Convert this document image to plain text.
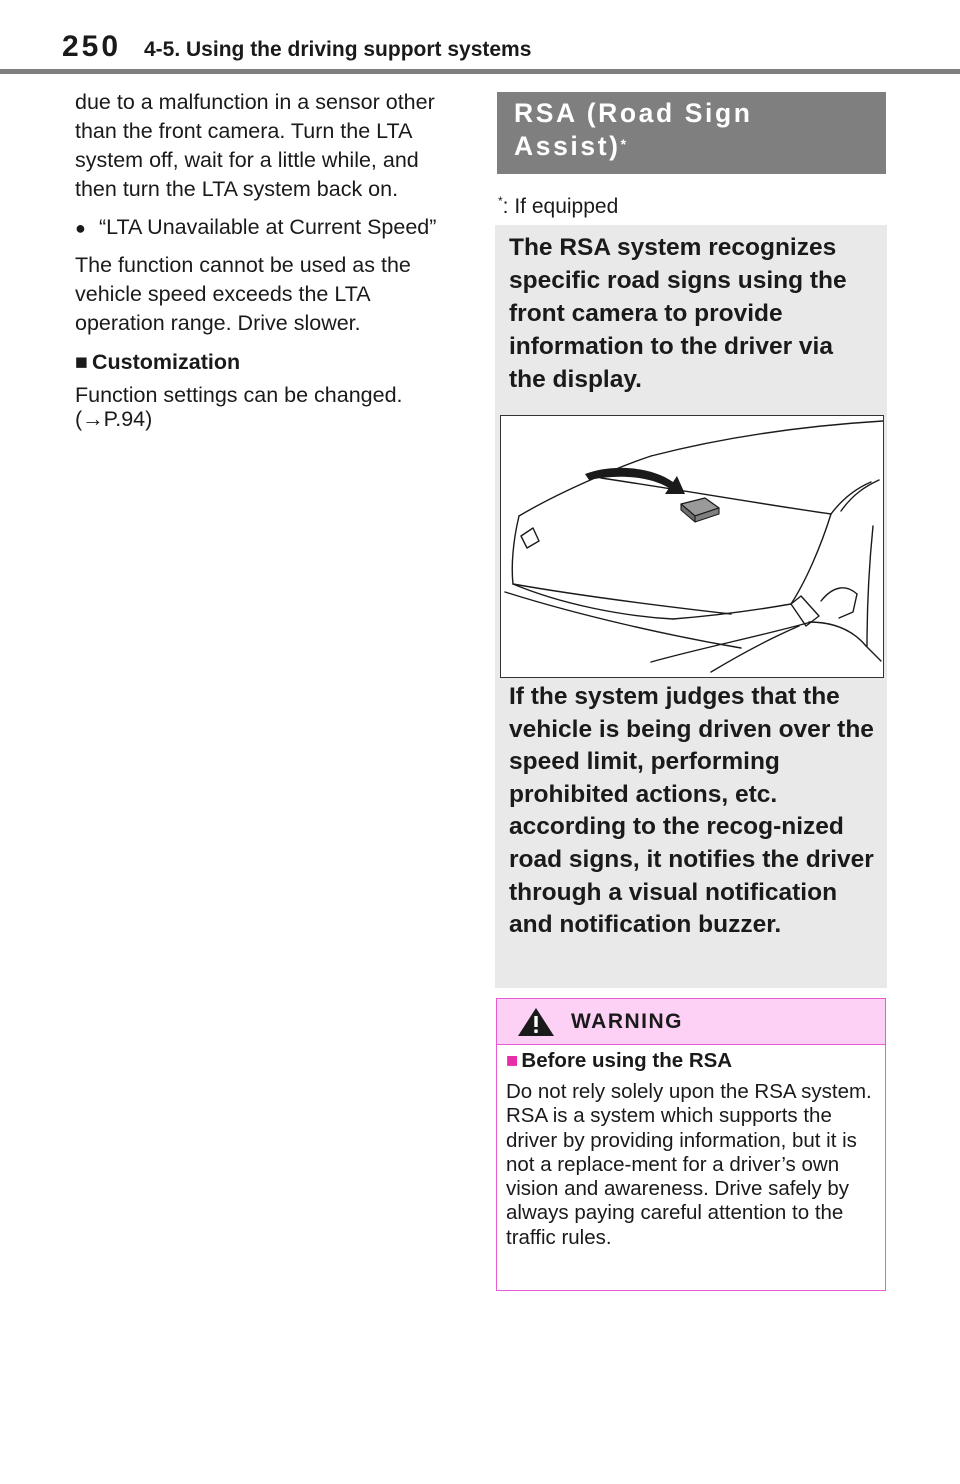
250 4-5. Using the driving support systems

due to a malfunction in a sensor other than the front camera. Turn the LTA system off, wait for a little while, and then turn the LTA system back on.

● “LTA Unavailable at Current Speed”

The function cannot be used as the vehicle speed exceeds the LTA operation range. Drive slower.

■ Customization

Function settings can be changed. (→P.94)

RSA (Road Sign
Assist)*
*: If equipped
The RSA system recognizes specific road signs using the front camera to provide information to the driver via the display.
If the system judges that the vehicle is being driven over the speed limit, performing prohibited actions, etc. according to the recog-nized road signs, it notifies the driver through a visual notification and notification buzzer.
WARNING

■ Before using the RSA

Do not rely solely upon the RSA system. RSA is a system which supports the driver by providing information, but it is not a replace-ment for a driver’s own vision and awareness. Drive safely by always paying careful attention to the traffic rules.
